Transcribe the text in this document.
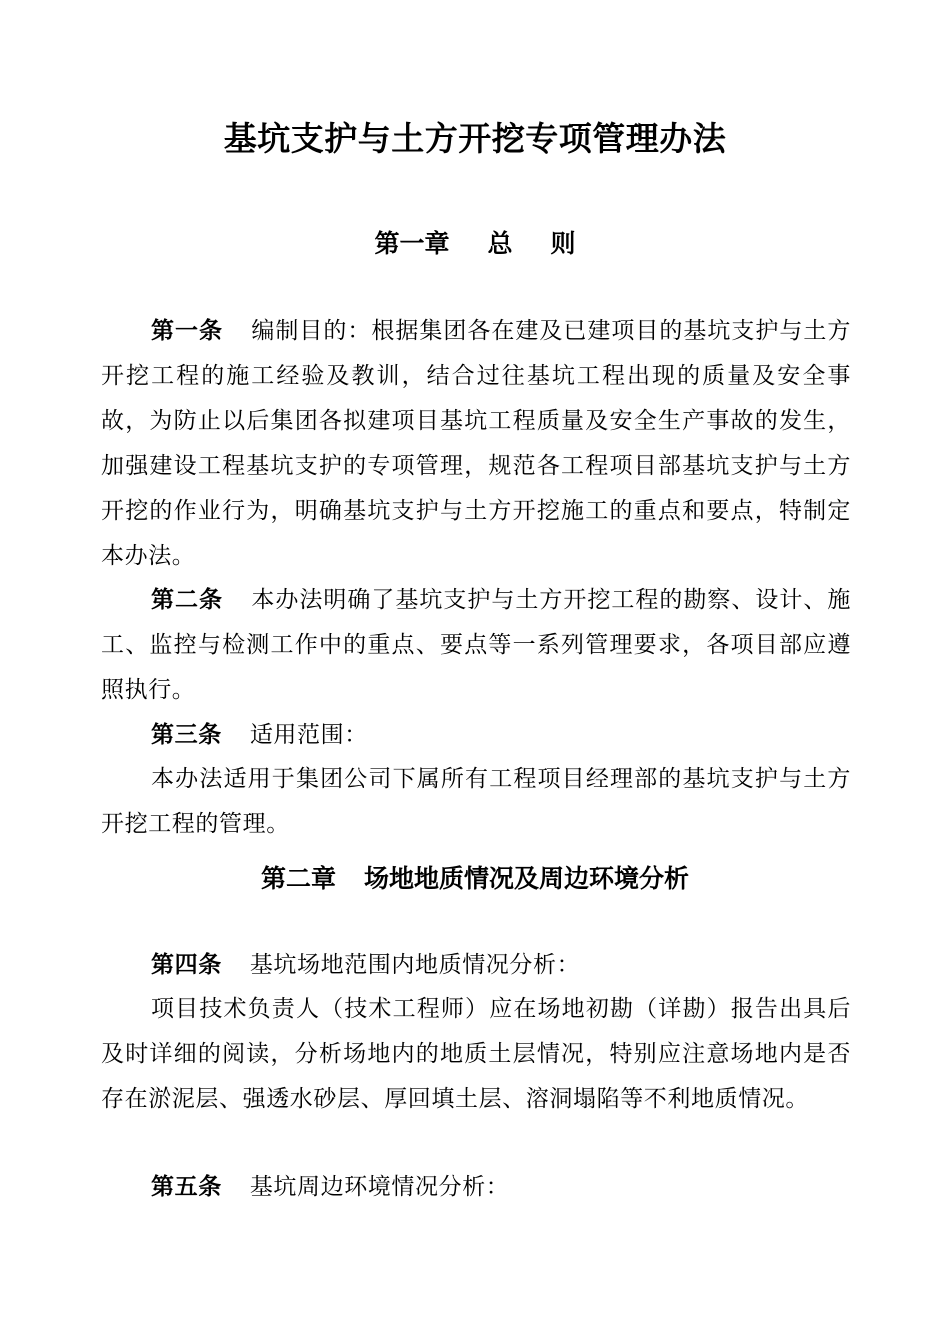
基坑支护与土方开挖专项管理办法
第一章 总 则
第一条 编制目的：根据集团各在建及已建项目的基坑支护与土方开挖工程的施工经验及教训，结合过往基坑工程出现的质量及安全事故，为防止以后集团各拟建项目基坑工程质量及安全生产事故的发生，加强建设工程基坑支护的专项管理，规范各工程项目部基坑支护与土方开挖的作业行为，明确基坑支护与土方开挖施工的重点和要点，特制定本办法。
第二条 本办法明确了基坑支护与土方开挖工程的勘察、设计、施工、监控与检测工作中的重点、要点等一系列管理要求，各项目部应遵照执行。
第三条 适用范围：
本办法适用于集团公司下属所有工程项目经理部的基坑支护与土方开挖工程的管理。
第二章 场地地质情况及周边环境分析
第四条 基坑场地范围内地质情况分析：
项目技术负责人（技术工程师）应在场地初勘（详勘）报告出具后及时详细的阅读，分析场地内的地质土层情况，特别应注意场地内是否存在淤泥层、强透水砂层、厚回填土层、溶洞塌陷等不利地质情况。
第五条 基坑周边环境情况分析：
